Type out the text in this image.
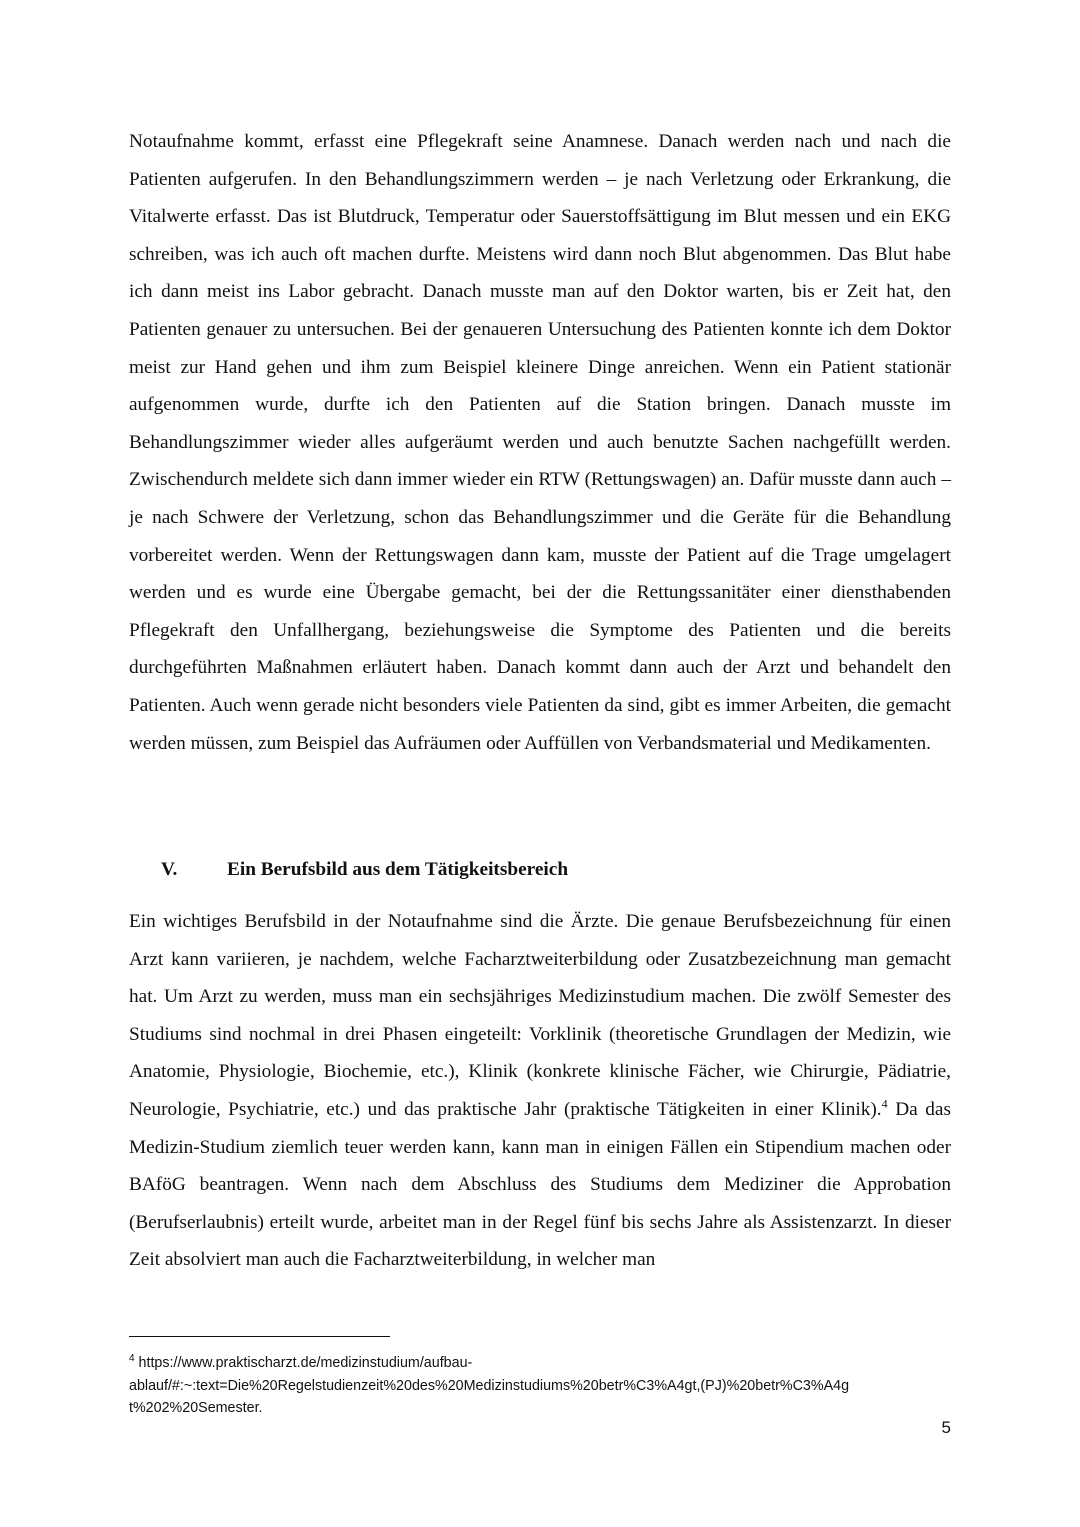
Notaufnahme kommt, erfasst eine Pflegekraft seine Anamnese. Danach werden nach und nach die Patienten aufgerufen. In den Behandlungszimmern werden – je nach Verletzung oder Erkrankung, die Vitalwerte erfasst. Das ist Blutdruck, Temperatur oder Sauerstoffsättigung im Blut messen und ein EKG schreiben, was ich auch oft machen durfte. Meistens wird dann noch Blut abgenommen. Das Blut habe ich dann meist ins Labor gebracht. Danach musste man auf den Doktor warten, bis er Zeit hat, den Patienten genauer zu untersuchen. Bei der genaueren Untersuchung des Patienten konnte ich dem Doktor meist zur Hand gehen und ihm zum Beispiel kleinere Dinge anreichen. Wenn ein Patient stationär aufgenommen wurde, durfte ich den Patienten auf die Station bringen. Danach musste im Behandlungszimmer wieder alles aufgeräumt werden und auch benutzte Sachen nachgefüllt werden. Zwischendurch meldete sich dann immer wieder ein RTW (Rettungswagen) an. Dafür musste dann auch – je nach Schwere der Verletzung, schon das Behandlungszimmer und die Geräte für die Behandlung vorbereitet werden. Wenn der Rettungswagen dann kam, musste der Patient auf die Trage umgelagert werden und es wurde eine Übergabe gemacht, bei der die Rettungssanitäter einer diensthabenden Pflegekraft den Unfallhergang, beziehungsweise die Symptome des Patienten und die bereits durchgeführten Maßnahmen erläutert haben. Danach kommt dann auch der Arzt und behandelt den Patienten. Auch wenn gerade nicht besonders viele Patienten da sind, gibt es immer Arbeiten, die gemacht werden müssen, zum Beispiel das Aufräumen oder Auffüllen von Verbandsmaterial und Medikamenten.

V.	Ein Berufsbild aus dem Tätigkeitsbereich

Ein wichtiges Berufsbild in der Notaufnahme sind die Ärzte. Die genaue Berufsbezeichnung für einen Arzt kann variieren, je nachdem, welche Facharztweiterbildung oder Zusatzbezeichnung man gemacht hat. Um Arzt zu werden, muss man ein sechsjähriges Medizinstudium machen. Die zwölf Semester des Studiums sind nochmal in drei Phasen eingeteilt: Vorklinik (theoretische Grundlagen der Medizin, wie Anatomie, Physiologie, Biochemie, etc.), Klinik (konkrete klinische Fächer, wie Chirurgie, Pädiatrie, Neurologie, Psychiatrie, etc.) und das praktische Jahr (praktische Tätigkeiten in einer Klinik).$^4$ Da das Medizin-Studium ziemlich teuer werden kann, kann man in einigen Fällen ein Stipendium machen oder BAföG beantragen. Wenn nach dem Abschluss des Studiums dem Mediziner die Approbation (Berufserlaubnis) erteilt wurde, arbeitet man in der Regel fünf bis sechs Jahre als Assistenzarzt. In dieser Zeit absolviert man auch die Facharztweiterbildung, in welcher man

$^4$ https://www.praktischarzt.de/medizinstudium/aufbau-
ablauf/#:~:text=Die%20Regelstudienzeit%20des%20Medizinstudiums%20betr%C3%A4gt,(PJ)%20betr%C3%A4g
t%202%20Semester.
5
